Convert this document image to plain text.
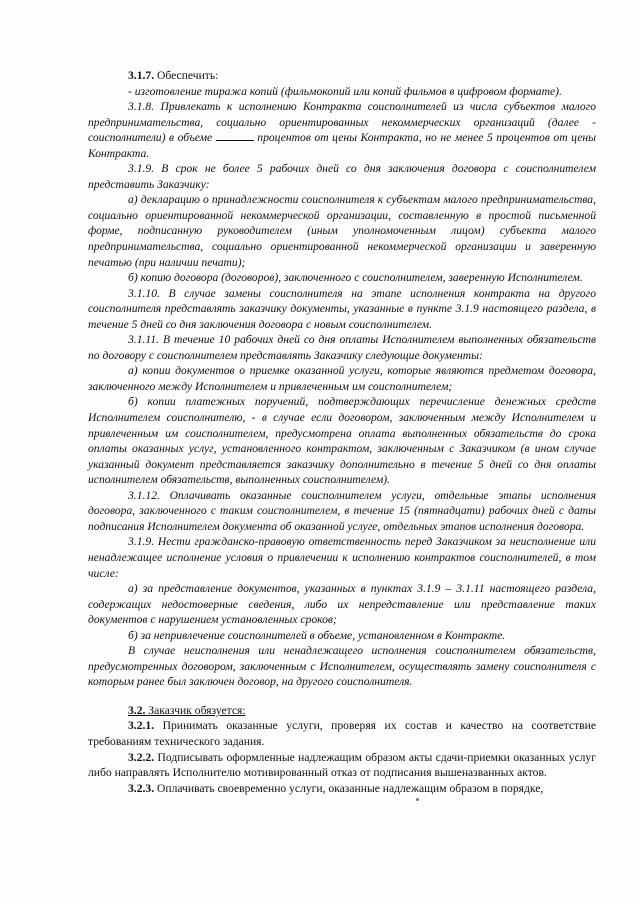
3.1.7. Обеспечить:

- изготовление тиража копий (фильмокопий или копий фильмов в цифровом формате).

3.1.8. Привлекать к исполнению Контракта соисполнителей из числа субъектов малого предпринимательства, социально ориентированных некоммерческих организаций (далее - соисполнители) в объеме	процентов от цены Контракта, но не менее 5 процентов от цены Контракта.

3.1.9. В срок не более 5 рабочих дней со дня заключения договора с соисполнителем представить Заказчику:

а) декларацию о принадлежности соисполнителя к субъектам малого предпринимательства, социально ориентированной некоммерческой организации, составленную в простой письменной форме, подписанную руководителем (иным уполномоченным лицом) субъекта малого предпринимательства, социально ориентированной некоммерческой организации и заверенную печатью (при наличии печати);

б) копию договора (договоров), заключенного с соисполнителем, заверенную Исполнителем.

3.1.10. В случае замены соисполнителя на этапе исполнения контракта на другого соисполнителя представлять заказчику документы, указанные в пункте 3.1.9 настоящего раздела, в течение 5 дней со дня заключения договора с новым соисполнителем.

3.1.11. В течение 10 рабочих дней со дня оплаты Исполнителем выполненных обязательств по договору с соисполнителем представлять Заказчику следующие документы:

а) копии документов о приемке оказанной услуги, которые являются предметом договора, заключенного между Исполнителем и привлеченным им соисполнителем;

б) копии платежных поручений, подтверждающих перечисление денежных средств Исполнителем соисполнителю, - в случае если договором, заключенным между Исполнителем и привлеченным им соисполнителем, предусмотрена оплата выполненных обязательств до срока оплаты оказанных услуг, установленного контрактом, заключенным с Заказчиком (в ином случае указанный документ представляется заказчику дополнительно в течение 5 дней со дня оплаты исполнителем обязательств, выполненных соисполнителем).

3.1.12. Оплачивать оказанные соисполнителем услуги, отдельные этапы исполнения договора, заключенного с таким соисполнителем, в течение 15 (пятнадцати) рабочих дней с даты подписания Исполнителем документа об оказанной услуге, отдельных этапов исполнения договора.

3.1.9. Нести гражданско-правовую ответственность перед Заказчиком за неисполнение или ненадлежащее исполнение условия о привлечении к исполнению контрактов соисполнителей, в том числе:

а) за представление документов, указанных в пунктах 3.1.9 – 3.1.11 настоящего раздела, содержащих недостоверные сведения, либо их непредставление или представление таких документов с нарушением установленных сроков;

б) за непривлечение соисполнителей в объеме, установленном в Контракте.

В случае неисполнения или ненадлежащего исполнения соисполнителем обязательств, предусмотренных договором, заключенным с Исполнителем, осуществлять замену соисполнителя с которым ранее был заключен договор, на другого соисполнителя.

3.2. Заказчик обязуется:

3.2.1. Принимать оказанные услуги, проверяя их состав и качество на соответствие требованиям технического задания.

3.2.2. Подписывать оформленные надлежащим образом акты сдачи-приемки оказанных услуг либо направлять Исполнителю мотивированный отказ от подписания вышеназванных актов.

3.2.3. Оплачивать своевременно услуги, оказанные надлежащим образом в порядке,
